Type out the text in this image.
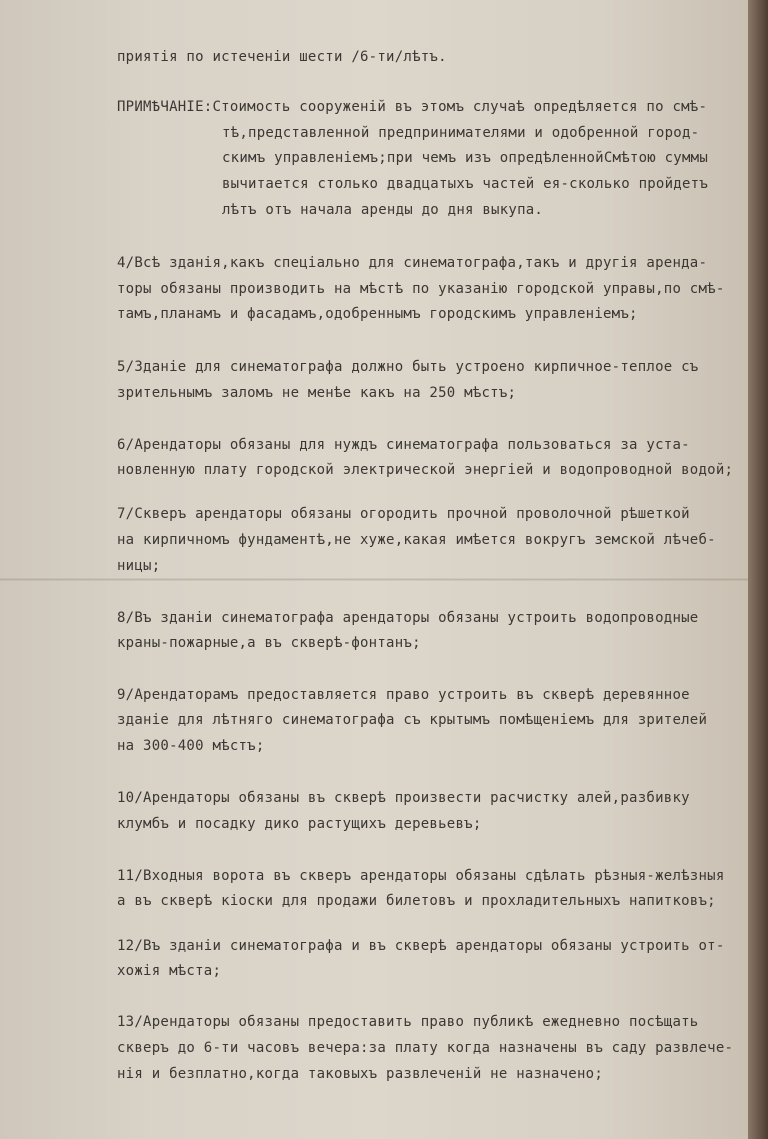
приятія по истеченіи шести /6-ти/лѣтъ.
ПРИМѢЧАНІЕ:Стоимость сооруженій въ этомъ случаѣ опредѣляется по смѣ-
тѣ,представленной предпринимателями и одобренной город-
скимъ управленіемъ;при чемъ изъ опредѣленнойСмѣтою суммы
вычитается столько двадцатыхъ частей ея-сколько пройдетъ
лѣтъ отъ начала аренды до дня выкупа.
4/Всѣ зданія,какъ спеціально для синематографа,такъ и другія аренда-
торы обязаны производить на мѣстѣ по указанію городской управы,по смѣ-
тамъ,планамъ и фасадамъ,одобреннымъ городскимъ управленіемъ;
5/Зданіе для синематографа должно быть устроено кирпичное-теплое съ
зрительнымъ заломъ не менѣе какъ на 250 мѣстъ;
6/Арендаторы обязаны для нуждъ синематографа пользоваться за уста-
новленную плату городской электрической энергіей и водопроводной водой;
7/Скверъ арендаторы обязаны огородить прочной проволочной рѣшеткой
на кирпичномъ фундаментѣ,не хуже,какая имѣется вокругъ земской лѣчеб-
ницы;
8/Въ зданіи синематографа арендаторы обязаны устроить водопроводные
краны-пожарные,а въ скверѣ-фонтанъ;
9/Арендаторамъ предоставляется право устроить въ скверѣ деревянное
зданіе для лѣтняго синематографа съ крытымъ помѣщеніемъ для зрителей
на 300-400 мѣстъ;
10/Арендаторы обязаны въ скверѣ произвести расчистку алей,разбивку
клумбъ и посадку дико растущихъ деревьевъ;
11/Входныя ворота въ скверъ арендаторы обязаны сдѣлать рѣзныя-желѣзныя
а въ скверѣ кіоски для продажи билетовъ и прохладительныхъ напитковъ;
12/Въ зданіи синематографа и въ скверѣ арендаторы обязаны устроить от-
хожія мѣста;
13/Арендаторы обязаны предоставить право публикѣ ежедневно посѣщать
скверъ до 6-ти часовъ вечера:за плату когда назначены въ саду развлече-
нія и безплатно,когда таковыхъ развлеченій не назначено;
